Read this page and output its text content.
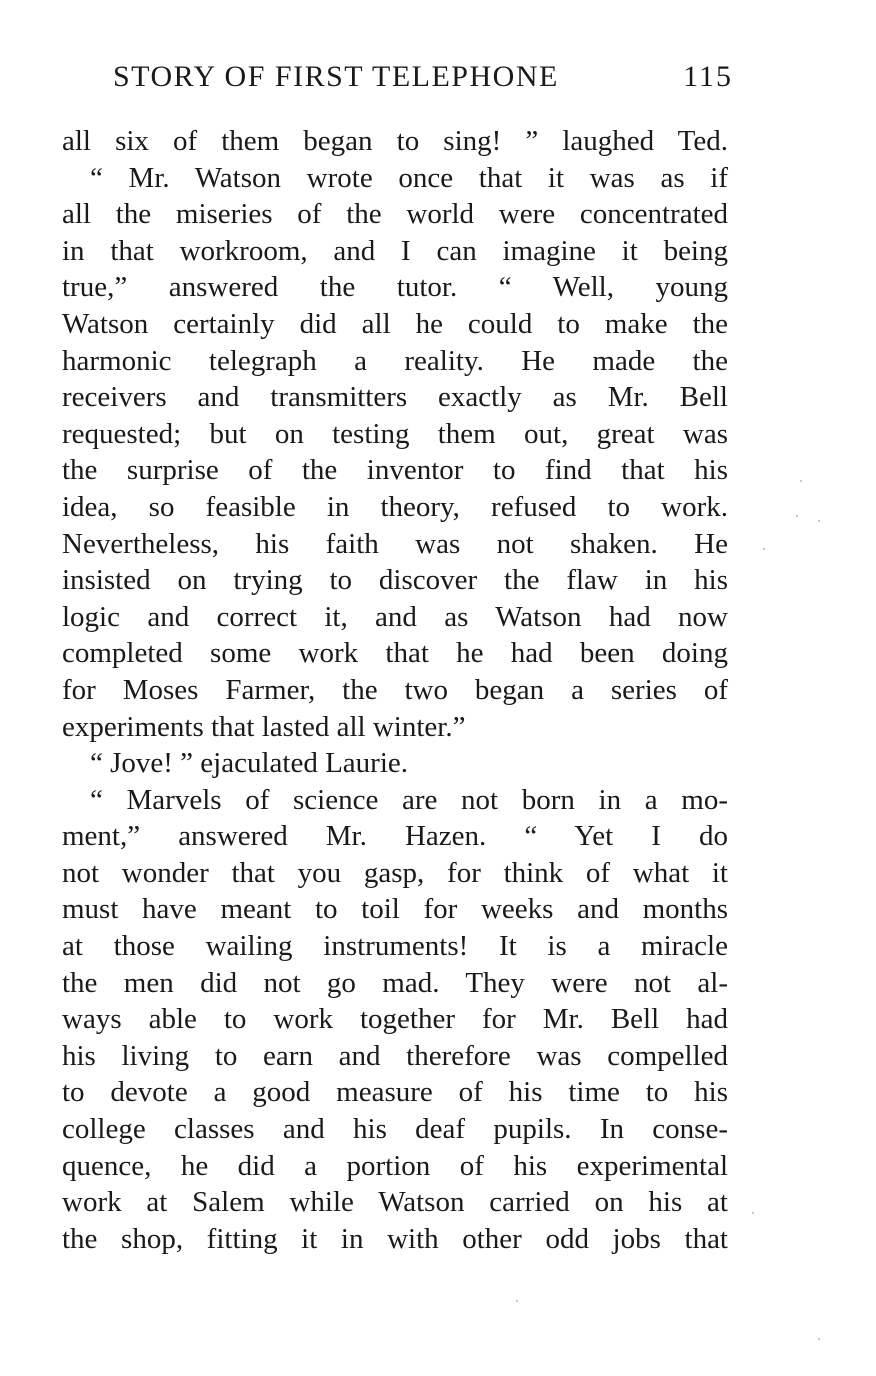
STORY OF FIRST TELEPHONE	115
all six of them began to sing! ” laughed Ted.
“ Mr. Watson wrote once that it was as if
all the miseries of the world were concentrated
in that workroom, and I can imagine it being
true,” answered the tutor. “ Well, young
Watson certainly did all he could to make the
harmonic telegraph a reality. He made the
receivers and transmitters exactly as Mr. Bell
requested; but on testing them out, great was
the surprise of the inventor to find that his
idea, so feasible in theory, refused to work.
Nevertheless, his faith was not shaken. He
insisted on trying to discover the flaw in his
logic and correct it, and as Watson had now
completed some work that he had been doing
for Moses Farmer, the two began a series of
experiments that lasted all winter.”
“ Jove! ” ejaculated Laurie.
“ Marvels of science are not born in a mo-
ment,” answered Mr. Hazen. “ Yet I do
not wonder that you gasp, for think of what it
must have meant to toil for weeks and months
at those wailing instruments! It is a miracle
the men did not go mad. They were not al-
ways able to work together for Mr. Bell had
his living to earn and therefore was compelled
to devote a good measure of his time to his
college classes and his deaf pupils. In conse-
quence, he did a portion of his experimental
work at Salem while Watson carried on his at
the shop, fitting it in with other odd jobs that
